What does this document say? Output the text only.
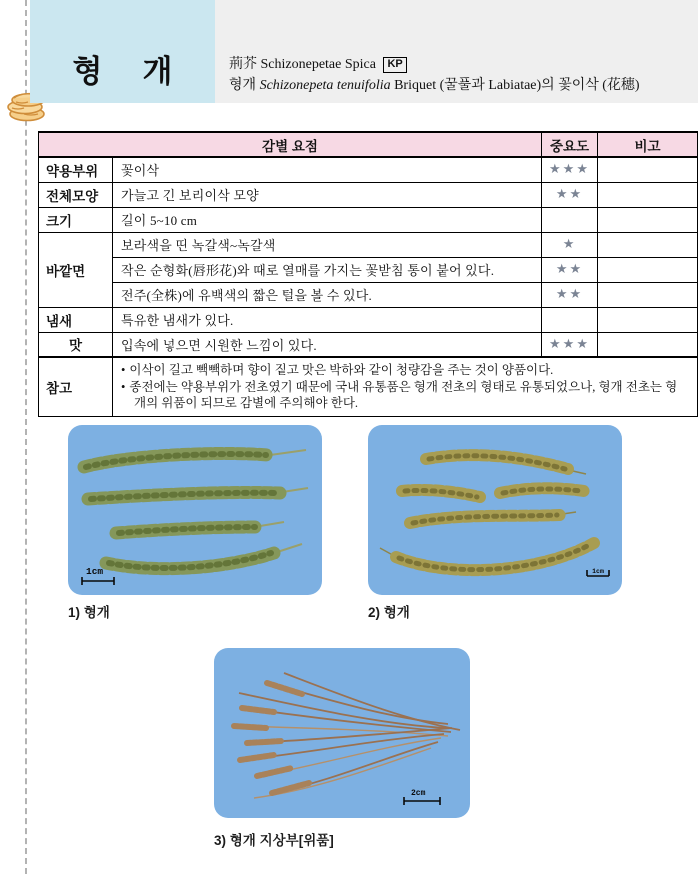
형 개	荊芥 Schizonepetae Spica KP
형개 Schizonepeta tenuifolia Briquet (꿀풀과 Labiatae)의 꽃이삭 (花穗)
감별 요점		중요도	비고
약용부위	꽃이삭	★★★	
전체모양	가늘고 긴 보리이삭 모양	★★	
크기	길이 5~10 cm		
바깥면	보라색을 띤 녹갈색~녹갈색	★	
	작은 순형화(唇形花)와 때로 열매를 가지는 꽃받침 통이 붙어 있다.	★★	
	전주(全株)에 유백색의 짧은 털을 볼 수 있다.	★★	
냄새	특유한 냄새가 있다.		
맛	입속에 넣으면 시원한 느낌이 있다.	★★★	
참고	• 이삭이 길고 빽빽하며 향이 짙고 맛은 박하와 같이 청량감을 주는 것이 양품이다.
• 종전에는 약용부위가 전초였기 때문에 국내 유통품은 형개 전초의 형태로 유통되었으나, 형개 전초는 형개의 위품이 되므로 감별에 주의해야 한다.		
1cm
1) 형개
1cm
2) 형개
2cm
3) 형개 지상부[위품]
